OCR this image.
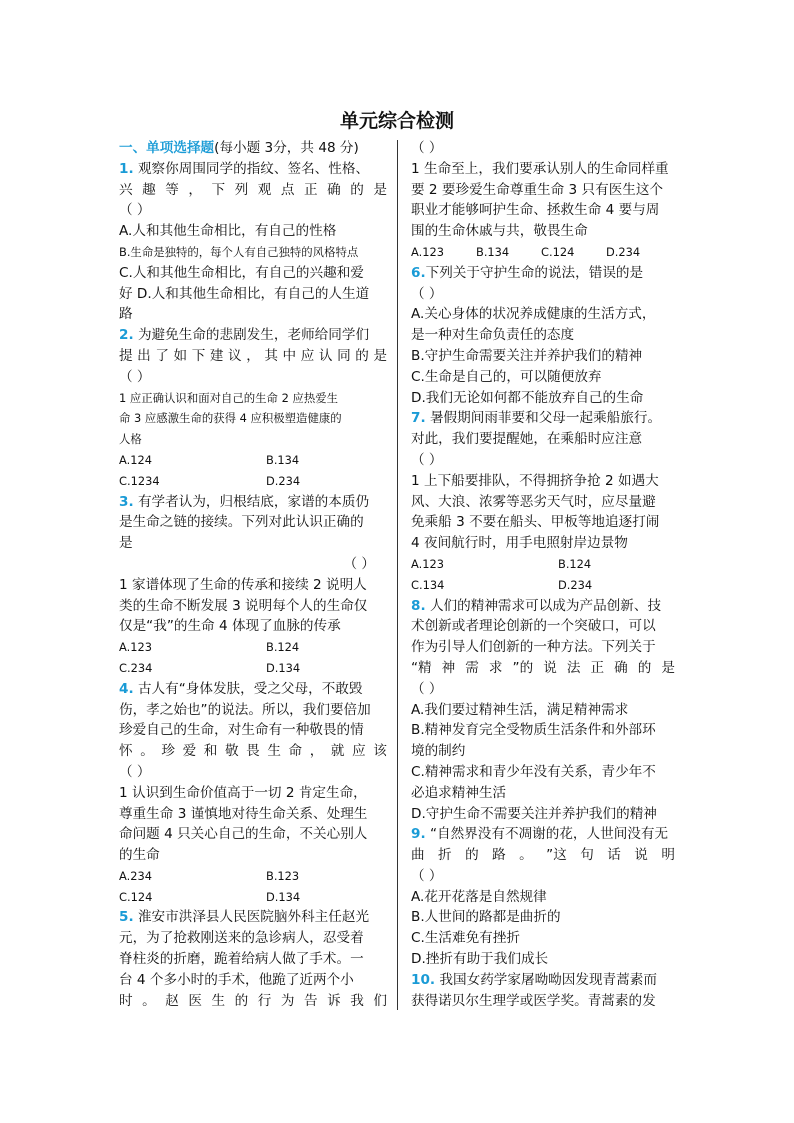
单元综合检测
一、单项选择题(每小题 3分，共 48 分)
1. 观察你周围同学的指纹、签名、性格、
兴 趣 等 ， 下 列 观 点 正 确 的 是
（ ）
A.人和其他生命相比，有自己的性格
B.生命是独特的，每个人有自己独特的风格特点
C.人和其他生命相比，有自己的兴趣和爱
好 D.人和其他生命相比，有自己的人生道
路
2. 为避免生命的悲剧发生，老师给同学们
提 出 了 如 下 建 议 ， 其 中 应 认 同 的 是
（ ）
1 应正确认识和面对自己的生命 2 应热爱生
命 3 应感激生命的获得 4 应积极塑造健康的
人格
A.124	B.134
C.1234	D.234
3. 有学者认为，归根结底，家谱的本质仍
是生命之链的接续。下列对此认识正确的
是
（ ）
1 家谱体现了生命的传承和接续 2 说明人
类的生命不断发展 3 说明每个人的生命仅
仅是“我”的生命 4 体现了血脉的传承
A.123	B.124
C.234	D.134
4. 古人有“身体发肤，受之父母，不敢毁
伤，孝之始也”的说法。所以，我们要倍加
珍爱自己的生命，对生命有一种敬畏的情
怀 。 珍 爱 和 敬 畏 生 命 ， 就 应 该
（ ）
1 认识到生命价值高于一切 2 肯定生命，
尊重生命 3 谨慎地对待生命关系、处理生
命问题 4 只关心自己的生命，不关心别人
的生命
A.234	B.123
C.124	D.134
5. 淮安市洪泽县人民医院脑外科主任赵光
元，为了抢救刚送来的急诊病人，忍受着
脊柱炎的折磨，跪着给病人做了手术。一
台 4 个多小时的手术，他跪了近两个小
时 。 赵 医 生 的 行 为 告 诉 我 们
（ ）
1 生命至上，我们要承认别人的生命同样重
要 2 要珍爱生命尊重生命 3 只有医生这个
职业才能够呵护生命、拯救生命 4 要与周
围的生命休戚与共，敬畏生命
A.123	B.134	C.124	D.234
6.下列关于守护生命的说法，错误的是
（ ）
A.关心身体的状况养成健康的生活方式，
是一种对生命负责任的态度
B.守护生命需要关注并养护我们的精神
C.生命是自己的，可以随便放弃
D.我们无论如何都不能放弃自己的生命
7. 暑假期间雨菲要和父母一起乘船旅行。
对此，我们要提醒她，在乘船时应注意
（ ）
1 上下船要排队，不得拥挤争抢 2 如遇大
风、大浪、浓雾等恶劣天气时，应尽量避
免乘船 3 不要在船头、甲板等地追逐打闹
4 夜间航行时，用手电照射岸边景物
A.123	B.124
C.134	D.234
8. 人们的精神需求可以成为产品创新、技
术创新或者理论创新的一个突破口，可以
作为引导人们创新的一种方法。下列关于
“精 神 需 求 ”的 说 法 正 确 的 是
（ ）
A.我们要过精神生活，满足精神需求
B.精神发育完全受物质生活条件和外部环
境的制约
C.精神需求和青少年没有关系，青少年不
必追求精神生活
D.守护生命不需要关注并养护我们的精神
9. “自然界没有不凋谢的花，人世间没有无
曲 折 的 路 。 ”这 句 话 说 明
（ ）
A.花开花落是自然规律
B.人世间的路都是曲折的
C.生活难免有挫折
D.挫折有助于我们成长
10. 我国女药学家屠呦呦因发现青蒿素而
获得诺贝尔生理学或医学奖。青蒿素的发
